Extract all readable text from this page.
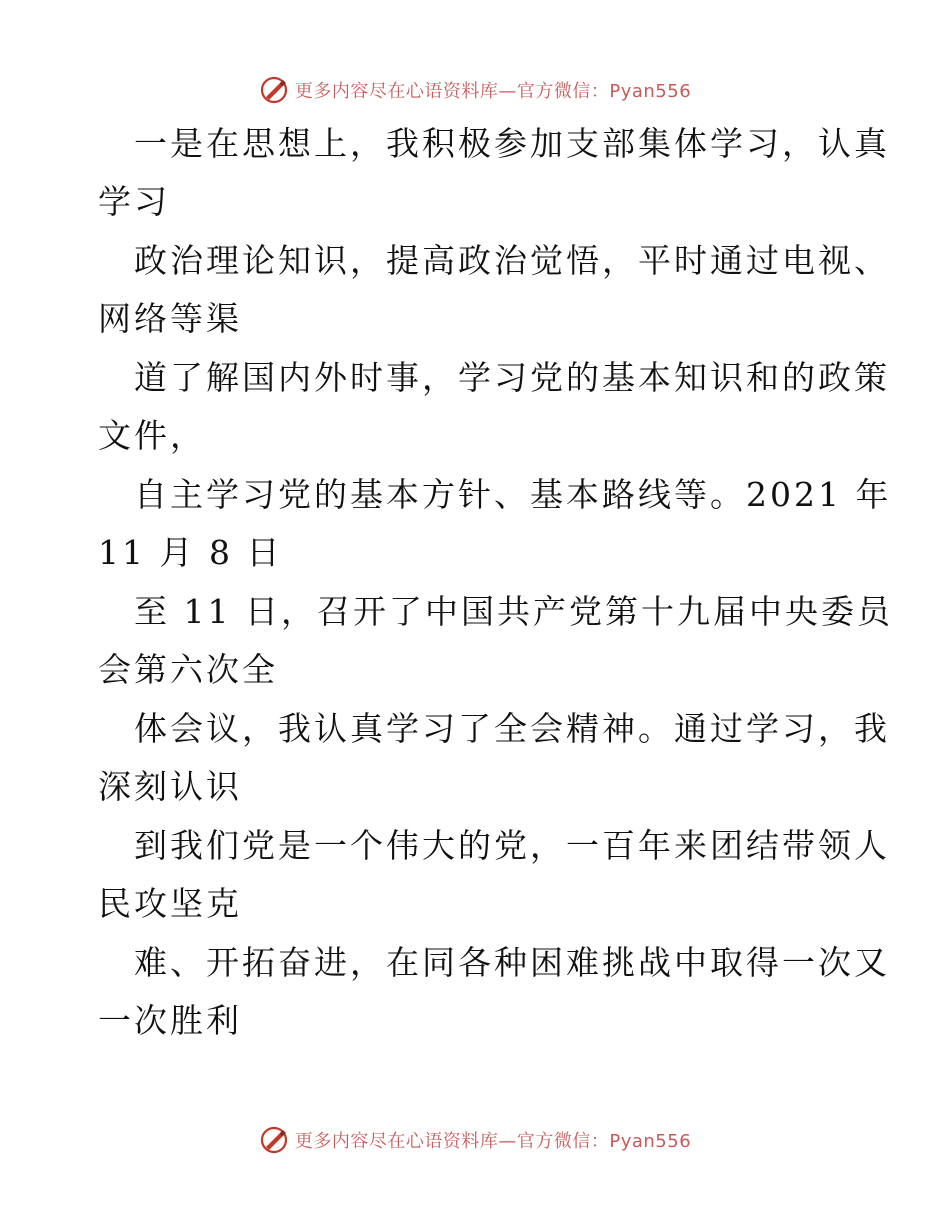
更多内容尽在心语资料库—官方微信：Pyan556
一是在思想上，我积极参加支部集体学习，认真
学习
政治理论知识，提高政治觉悟，平时通过电视、
网络等渠
道了解国内外时事，学习党的基本知识和的政策
文件，
自主学习党的基本方针、基本路线等。2021 年
11 月 8 日
至 11 日，召开了中国共产党第十九届中央委员
会第六次全
体会议，我认真学习了全会精神。通过学习，我
深刻认识
到我们党是一个伟大的党，一百年来团结带领人
民攻坚克
难、开拓奋进，在同各种困难挑战中取得一次又
一次胜利
更多内容尽在心语资料库—官方微信：Pyan556
